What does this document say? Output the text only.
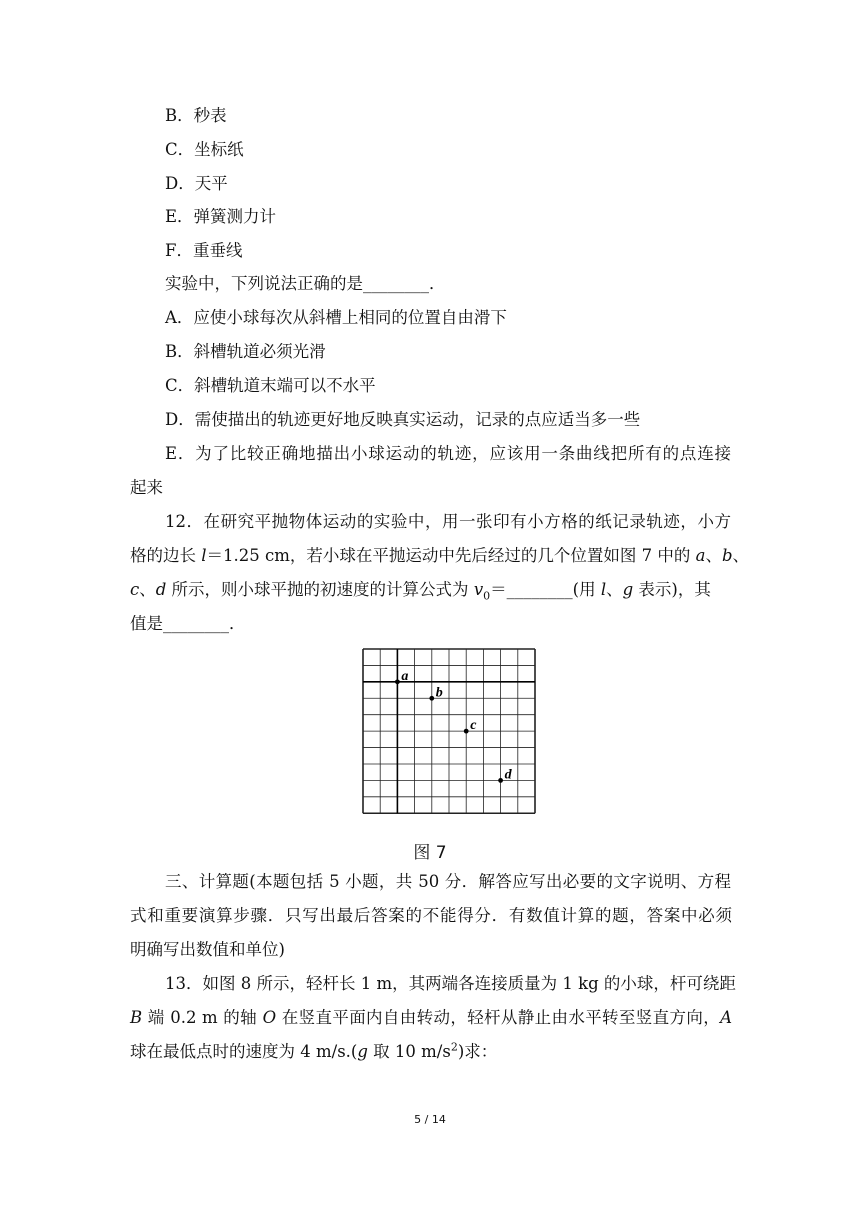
B．秒表
C．坐标纸
D．天平
E．弹簧测力计
F．重垂线
实验中，下列说法正确的是________．
A．应使小球每次从斜槽上相同的位置自由滑下
B．斜槽轨道必须光滑
C．斜槽轨道末端可以不水平
D．需使描出的轨迹更好地反映真实运动，记录的点应适当多一些
E．为了比较正确地描出小球运动的轨迹，应该用一条曲线把所有的点连接
起来
12．在研究平抛物体运动的实验中，用一张印有小方格的纸记录轨迹，小方
格的边长 l＝1.25 cm，若小球在平抛运动中先后经过的几个位置如图 7 中的 a、b、
c、d 所示，则小球平抛的初速度的计算公式为 $v_0=\_\_\_\_\_\_\_\_$(用 l、g 表示)，其
值是________．
a
b
c
d
图 7
三、计算题(本题包括 5 小题，共 50 分．解答应写出必要的文字说明、方程
式和重要演算步骤．只写出最后答案的不能得分．有数值计算的题，答案中必须
明确写出数值和单位)
13．如图 8 所示，轻杆长 1 m，其两端各连接质量为 1 kg 的小球，杆可绕距
B 端 0.2 m 的轴 O 在竖直平面内自由转动，轻杆从静止由水平转至竖直方向，A
球在最低点时的速度为 4 m/s.(g 取 10 $m/s^2$)求：
5 / 14
